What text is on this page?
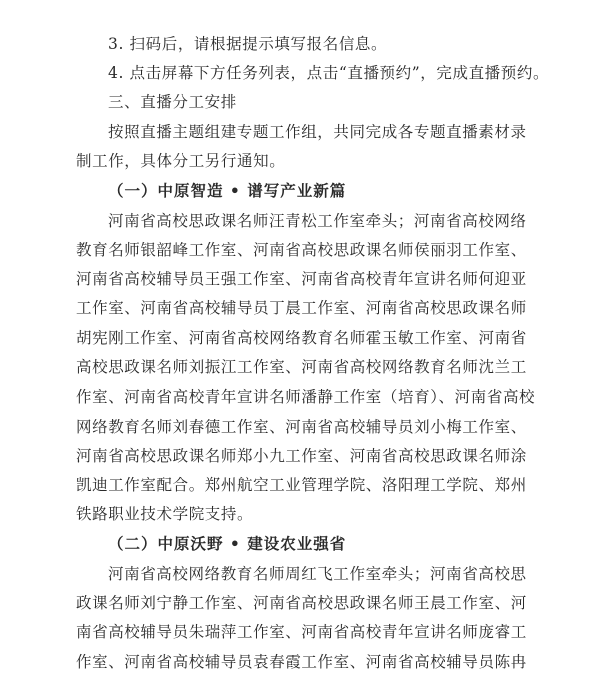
3. 扫码后，请根据提示填写报名信息。
4. 点击屏幕下方任务列表，点击“直播预约”，完成直播预约。
三、直播分工安排
按照直播主题组建专题工作组，共同完成各专题直播素材录
制工作，具体分工另行通知。
（一）中原智造 • 谱写产业新篇
河南省高校思政课名师汪青松工作室牵头；河南省高校网络
教育名师银韶峰工作室、河南省高校思政课名师侯丽羽工作室、
河南省高校辅导员王强工作室、河南省高校青年宣讲名师何迎亚
工作室、河南省高校辅导员丁晨工作室、河南省高校思政课名师
胡宪刚工作室、河南省高校网络教育名师霍玉敏工作室、河南省
高校思政课名师刘振江工作室、河南省高校网络教育名师沈兰工
作室、河南省高校青年宣讲名师潘静工作室（培育）、河南省高校
网络教育名师刘春德工作室、河南省高校辅导员刘小梅工作室、
河南省高校思政课名师郑小九工作室、河南省高校思政课名师涂
凯迪工作室配合。郑州航空工业管理学院、洛阳理工学院、郑州
铁路职业技术学院支持。
（二）中原沃野 • 建设农业强省
河南省高校网络教育名师周红飞工作室牵头；河南省高校思
政课名师刘宁静工作室、河南省高校思政课名师王晨工作室、河
南省高校辅导员朱瑞萍工作室、河南省高校青年宣讲名师庞睿工
作室、河南省高校辅导员袁春霞工作室、河南省高校辅导员陈冉
